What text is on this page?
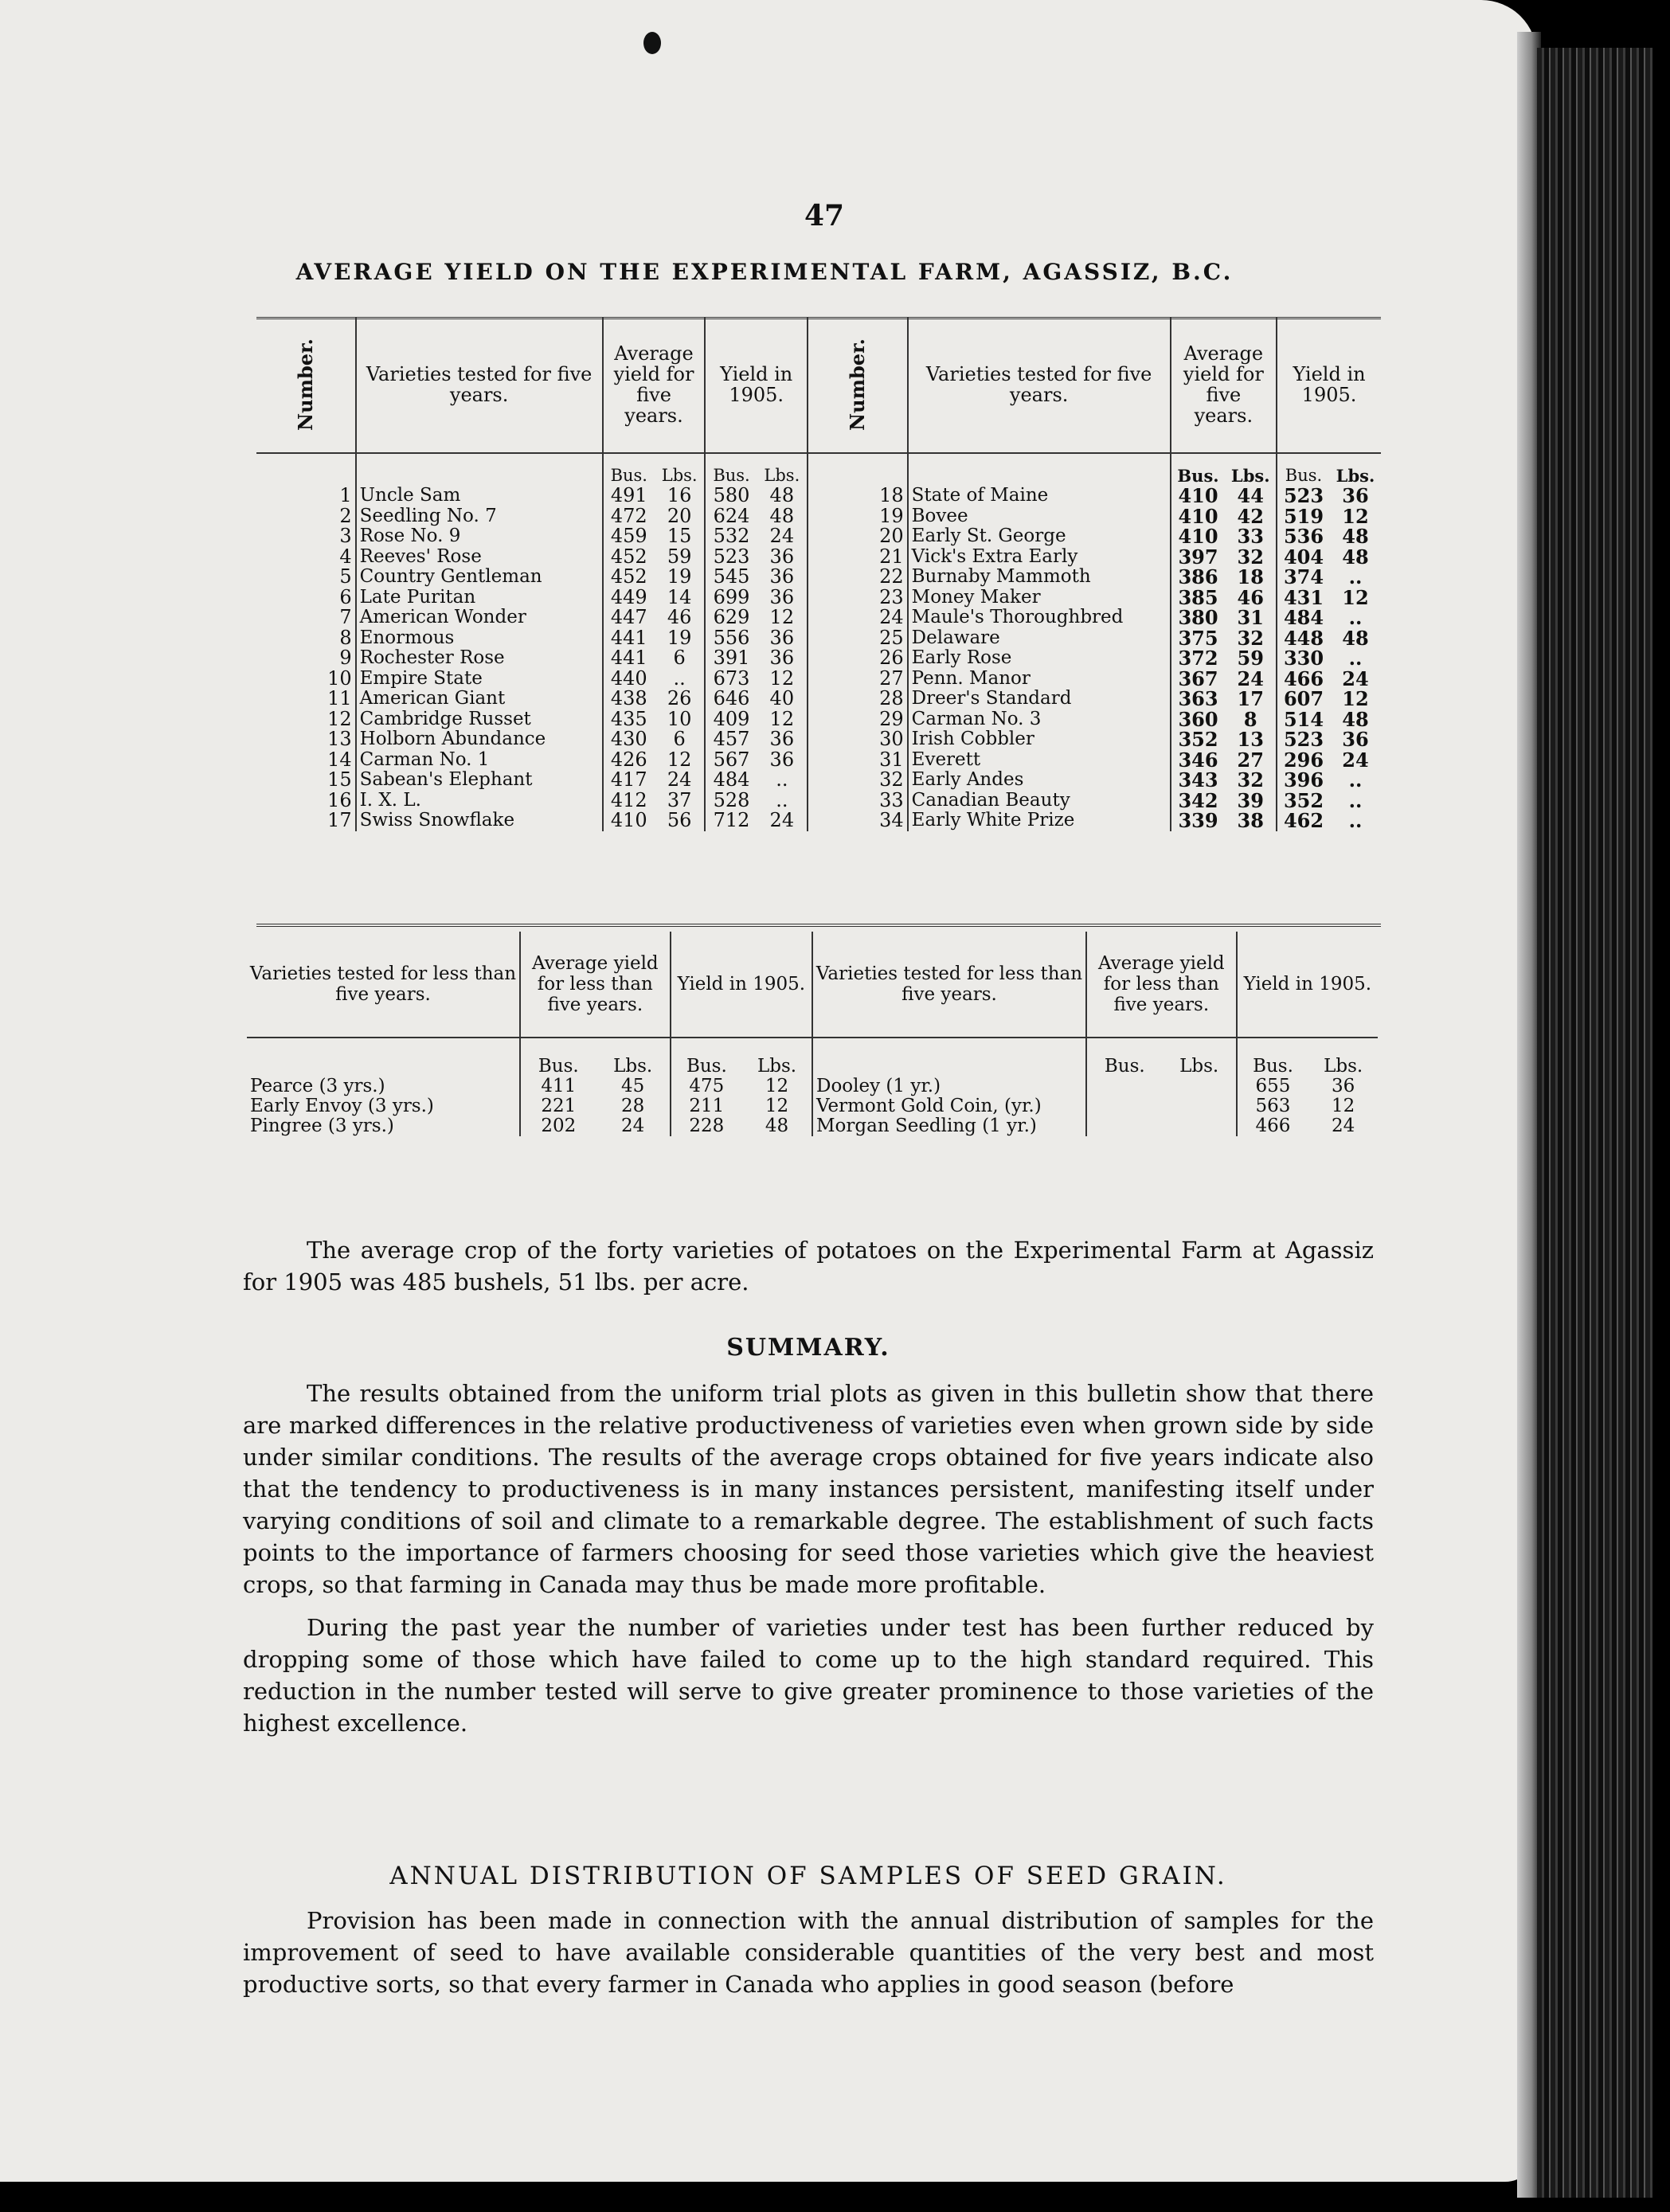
47
AVERAGE YIELD ON THE EXPERIMENTAL FARM, AGASSIZ, B.C.
Number.	Varieties tested for five years.	Average yield for five years.		Yield in 1905.		Number.	Varieties tested for five years.	Average yield for five years.		Yield in 1905.	
		Bus.	Lbs.	Bus.	Lbs.			Bus.	Lbs.	Bus.	Lbs.
1	Uncle Sam	491	16	580	48	18	State of Maine	410	44	523	36
2	Seedling No. 7	472	20	624	48	19	Bovee	410	42	519	12
3	Rose No. 9	459	15	532	24	20	Early St. George	410	33	536	48
4	Reeves' Rose	452	59	523	36	21	Vick's Extra Early	397	32	404	48
5	Country Gentleman	452	19	545	36	22	Burnaby Mammoth	386	18	374	..
6	Late Puritan	449	14	699	36	23	Money Maker	385	46	431	12
7	American Wonder	447	46	629	12	24	Maule's Thoroughbred	380	31	484	..
8	Enormous	441	19	556	36	25	Delaware	375	32	448	48
9	Rochester Rose	441	6	391	36	26	Early Rose	372	59	330	..
10	Empire State	440	..	673	12	27	Penn. Manor	367	24	466	24
11	American Giant	438	26	646	40	28	Dreer's Standard	363	17	607	12
12	Cambridge Russet	435	10	409	12	29	Carman No. 3	360	8	514	48
13	Holborn Abundance	430	6	457	36	30	Irish Cobbler	352	13	523	36
14	Carman No. 1	426	12	567	36	31	Everett	346	27	296	24
15	Sabean's Elephant	417	24	484	..	32	Early Andes	343	32	396	..
16	I. X. L.	412	37	528	..	33	Canadian Beauty	342	39	352	..
17	Swiss Snowflake	410	56	712	24	34	Early White Prize	339	38	462	..
Varieties tested for less than five years.	Average yield for less than five years.		Yield in 1905.		Varieties tested for less than five years.	Average yield for less than five years.		Yield in 1905.	
	Bus.	Lbs.	Bus.	Lbs.		Bus.	Lbs.	Bus.	Lbs.
Pearce (3 yrs.)	411	45	475	12	Dooley (1 yr.)			655	36
Early Envoy (3 yrs.)	221	28	211	12	Vermont Gold Coin, (yr.)			563	12
Pingree (3 yrs.)	202	24	228	48	Morgan Seedling (1 yr.)			466	24

The average crop of the forty varieties of potatoes on the Experimental Farm at Agassiz for 1905 was 485 bushels, 51 lbs. per acre.

SUMMARY.

The results obtained from the uniform trial plots as given in this bulletin show that there are marked differences in the relative productiveness of varieties even when grown side by side under similar conditions. The results of the average crops obtained for five years indicate also that the tendency to productiveness is in many instances persistent, manifesting itself under varying conditions of soil and climate to a remarkable degree. The establishment of such facts points to the importance of farmers choosing for seed those varieties which give the heaviest crops, so that farming in Canada may thus be made more profitable.

During the past year the number of varieties under test has been further reduced by dropping some of those which have failed to come up to the high standard required. This reduction in the number tested will serve to give greater prominence to those varieties of the highest excellence.

ANNUAL DISTRIBUTION OF SAMPLES OF SEED GRAIN.

Provision has been made in connection with the annual distribution of samples for the improvement of seed to have available considerable quantities of the very best and most productive sorts, so that every farmer in Canada who applies in good season (before
